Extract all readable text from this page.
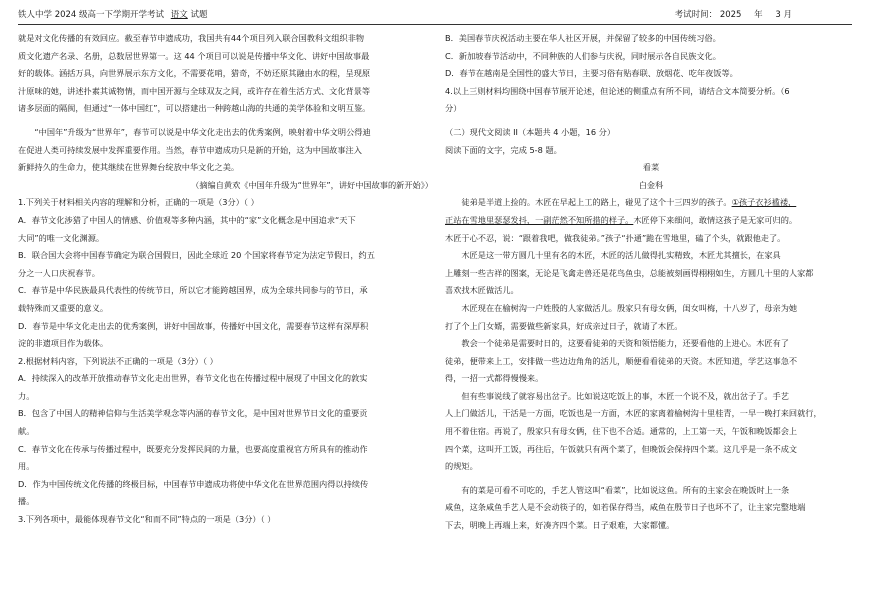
铁人中学 2024 级高一下学期开学考试 语文 试题	考试时间： 2025 年 3 月

就是对文化传播的有效回应。截至春节申遗成功，我国共有44个项目列入联合国教科文组织非物

质文化遗产名录、名册，总数居世界第一。这 44 个项目可以说是传播中华文化、讲好中国故事最

好的载体。涵括万具，向世界展示东方文化，不需要花哨，猎奇，不妨还原其融由水的程，呈现原

汁原味的她，讲述扑素其诚物情，而中国开源与全球双友之间，或许存在着生活方式、文化背景等

诸多层面的隔阂，但通过“一体中国红”，可以搭建出一种跨越山海的共通的美学体验和文明互鉴。

“中国年”升级为“世界年”，春节可以说是中华文化走出去的优秀案例，映射着中华文明公得迪

在促进人类可持续发展中发挥重要作用。当然，春节申遗成功只是新的开始，这为中国故事注入

新鲜持久的生命力，使其继续在世界舞台绽放中华文化之美。

（摘编自黄欢《中国年升级为“世界年”，讲好中国故事的新开始》）

1.下列关于材料相关内容的理解和分析，正确的一项是（3分）（ ）

A．春节文化涉猎了中国人的情感、价值观等多种内涵，其中的“家”文化概念是中国追求“天下

大同”的唯一文化渊源。

B．联合国大会将中国春节确定为联合国假日，因此全球近 20 个国家将春节定为法定节假日，约五

分之一人口庆祝春节。

C．春节是中华民族最具代表性的传统节日，所以它才能跨越国界，成为全球共同参与的节日，承

载特殊而又重要的意义。

D．春节是中华文化走出去的优秀案例，讲好中国故事，传播好中国文化，需要春节这样有深厚积

淀的非遗项目作为载体。

2.根据材料内容，下列说法不正确的一项是（3分）（ ）

A．持续深入的改革开放推动春节文化走出世界，春节文化也在传播过程中展现了中国文化的敦实

力。

B．包含了中国人的精神信仰与生活美学观念等内涵的春节文化，是中国对世界节日文化的重要贡

献。

C．春节文化在传承与传播过程中，既要充分发挥民间的力量，也要高度重视官方所具有的推动作

用。

D．作为中国传统文化传播的终极目标，中国春节申遗成功将使中华文化在世界范围内得以持续传

播。

3.下列各项中，最能体现春节文化“和而不同”特点的一项是（3分）（ ）

B．美国春节庆祝活动主要在华人社区开展，并保留了较多的中国传统习俗。

C．新加坡春节活动中，不同种族的人们参与庆祝，同时展示各自民族文化。

D．春节在越南是全国性的盛大节日，主要习俗有贴春联、放烟花、吃年夜饭等。

4.以上三则材料均围绕中国春节展开论述，但论述的侧重点有所不同，请结合文本简要分析。（6

分）

（二）现代文阅读 II（本题共 4 小题，16 分）

阅读下面的文字，完成 5-8 题。

看菜

白金科

徒弟是半道上捡的。木匠在早起上工的路上，碰见了这个十三四岁的孩子。①孩子衣衫褴褛，

正站在雪地里瑟瑟发抖，一副茫然不知所措的样子。木匠停下来细问，敢情这孩子是无家可归的。

木匠于心不忍，说：“跟着我吧，做我徒弟。”孩子“扑通”跪在雪地里，磕了个头，就跟他走了。

木匠是这一带方圆几十里有名的木匠，木匠的活儿做得扎实精致，木匠尤其擅长，在家具

上雕刻一些吉祥的图案，无论是飞禽走兽还是花鸟鱼虫，总能被刻画得栩栩如生，方圆几十里的人家都

喜欢找木匠做活儿。

木匠现在在榆树沟一户姓殷的人家做活儿。殷家只有母女俩，闺女叫梅，十八岁了，母亲为她

打了个上门女婿，需要做些新家具，好成亲过日子，就请了木匠。

教会一个徒弟是需要时日的，这要看徒弟的天资和领悟能力，还要看他的上进心。木匠有了

徒弟，便带来上工，安排做一些边边角角的活儿，顺便看看徒弟的天资。木匠知道，学艺这事急不

得，一招一式都得慢慢来。

但有些事说线了就容易出岔子。比如说这吃饭上的事，木匠一个说不及，就出岔子了。手艺

人上门做活儿，干活是一方面，吃饭也是一方面，木匠的家离着榆树沟十里桂青，一早一晚打来回就行，

用不着住宿。再说了，殷家只有母女俩，住下也不合适。通常的，上工第一天，午饭和晚饭都会上

四个菜，这叫开工饭，再往后，午饭就只有两个菜了，但晚饭会保持四个菜。这几乎是一条不成文

的规矩。

有的菜是可看不可吃的，手艺人管这叫“看菜”，比如说这鱼。所有的主家会在晚饭时上一条

咸鱼，这条咸鱼手艺人是不会动筷子的，如若保存得当，咸鱼在殷节日子也坏不了，让主家完整地端

下去，明晚上再端上来，好凑齐四个菜。日子艰难，大家都懂。
